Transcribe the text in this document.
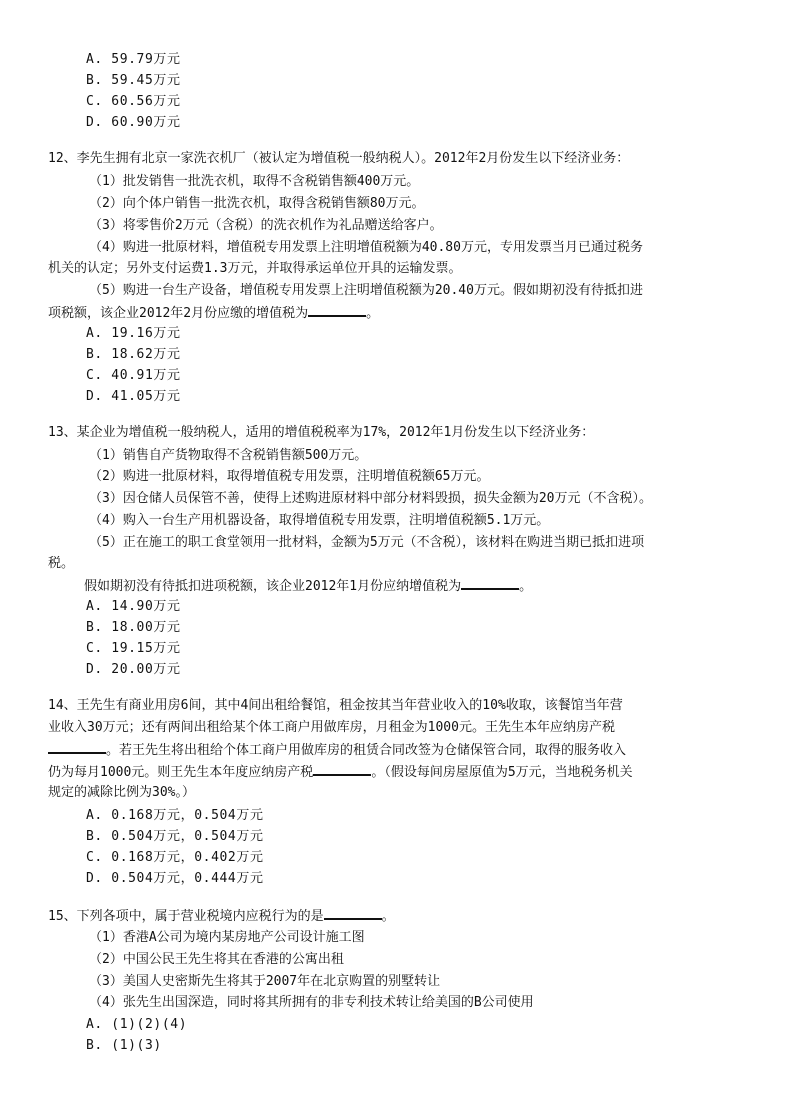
A. 59.79万元
B. 59.45万元
C. 60.56万元
D. 60.90万元
12、李先生拥有北京一家洗衣机厂（被认定为增值税一般纳税人）。2012年2月份发生以下经济业务：
（1）批发销售一批洗衣机，取得不含税销售额400万元。
（2）向个体户销售一批洗衣机，取得含税销售额80万元。
（3）将零售价2万元（含税）的洗衣机作为礼品赠送给客户。
（4）购进一批原材料，增值税专用发票上注明增值税额为40.80万元，专用发票当月已通过税务
机关的认定；另外支付运费1.3万元，并取得承运单位开具的运输发票。
（5）购进一台生产设备，增值税专用发票上注明增值税额为20.40万元。假如期初没有待抵扣进
项税额，该企业2012年2月份应缴的增值税为	。
A. 19.16万元
B. 18.62万元
C. 40.91万元
D. 41.05万元
13、某企业为增值税一般纳税人，适用的增值税税率为17%，2012年1月份发生以下经济业务：
（1）销售自产货物取得不含税销售额500万元。
（2）购进一批原材料，取得增值税专用发票，注明增值税额65万元。
（3）因仓储人员保管不善，使得上述购进原材料中部分材料毁损，损失金额为20万元（不含税）。
（4）购入一台生产用机器设备，取得增值税专用发票，注明增值税额5.1万元。
（5）正在施工的职工食堂领用一批材料，金额为5万元（不含税），该材料在购进当期已抵扣进项
税。
假如期初没有待抵扣进项税额，该企业2012年1月份应纳增值税为	。
A. 14.90万元
B. 18.00万元
C. 19.15万元
D. 20.00万元
14、王先生有商业用房6间，其中4间出租给餐馆，租金按其当年营业收入的10%收取，该餐馆当年营
业收入30万元；还有两间出租给某个体工商户用做库房，月租金为1000元。王先生本年应纳房产税
。若王先生将出租给个体工商户用做库房的租赁合同改签为仓储保管合同，取得的服务收入
仍为每月1000元。则王先生本年度应纳房产税	。（假设每间房屋原值为5万元，当地税务机关
规定的减除比例为30%。）
A. 0.168万元，0.504万元
B. 0.504万元，0.504万元
C. 0.168万元，0.402万元
D. 0.504万元，0.444万元
15、下列各项中，属于营业税境内应税行为的是	。
（1）香港A公司为境内某房地产公司设计施工图
（2）中国公民王先生将其在香港的公寓出租
（3）美国人史密斯先生将其于2007年在北京购置的别墅转让
（4）张先生出国深造，同时将其所拥有的非专利技术转让给美国的B公司使用
A. (1)(2)(4)
B. (1)(3)
